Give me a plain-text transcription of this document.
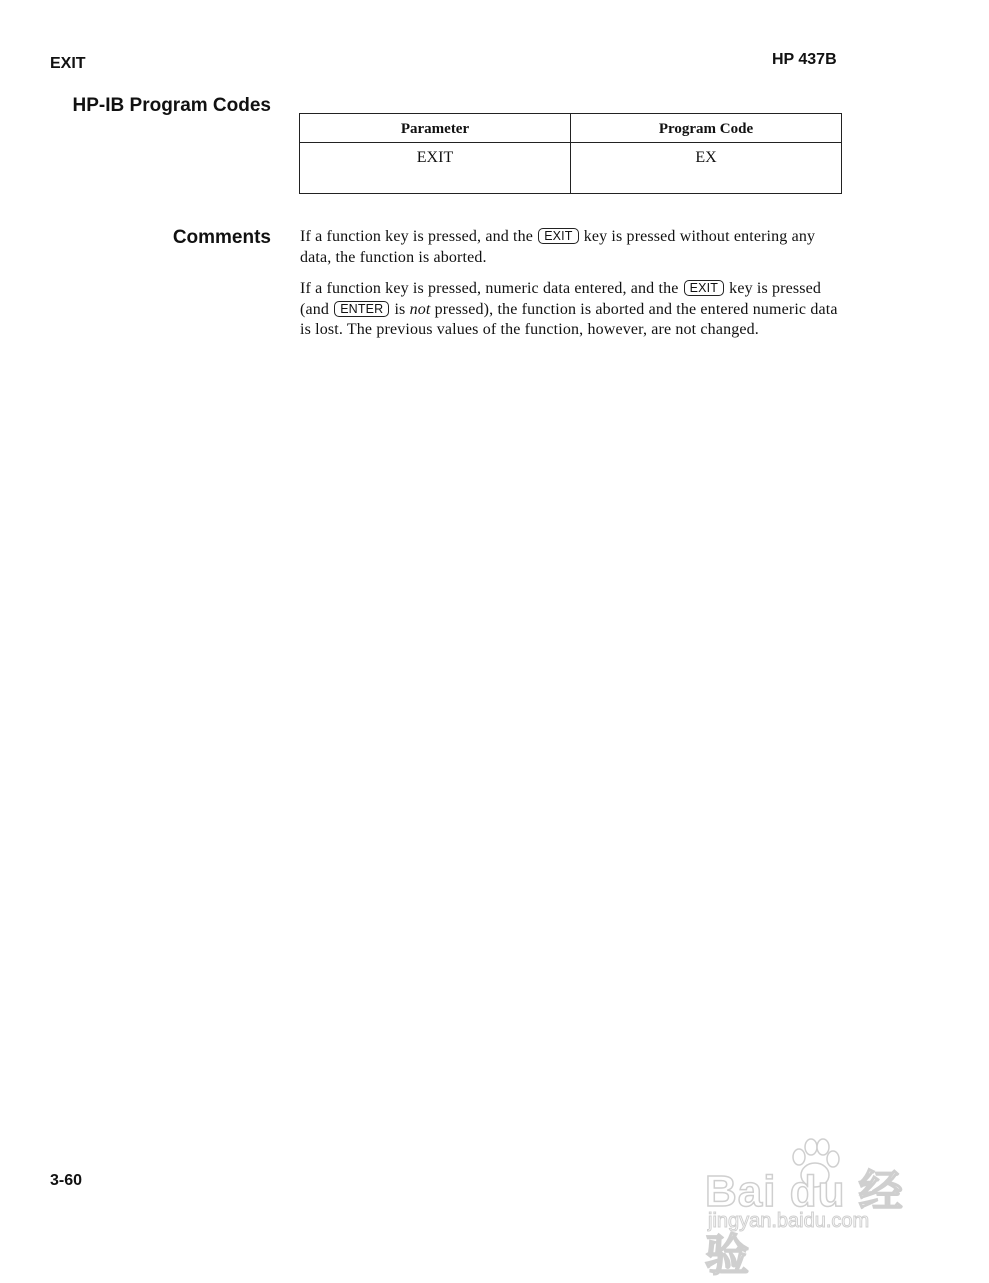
EXIT	HP 437B
HP-IB Program Codes
Parameter	Program Code
EXIT	EX
Comments If a function key is pressed, and the EXIT key is pressed without entering any data, the function is aborted.
If a function key is pressed, numeric data entered, and the EXIT key is pressed (and ENTER is not pressed), the function is aborted and the entered numeric data is lost. The previous values of the function, however, are not changed.
3-60	Bai du 经验
jingyan.baidu.com
